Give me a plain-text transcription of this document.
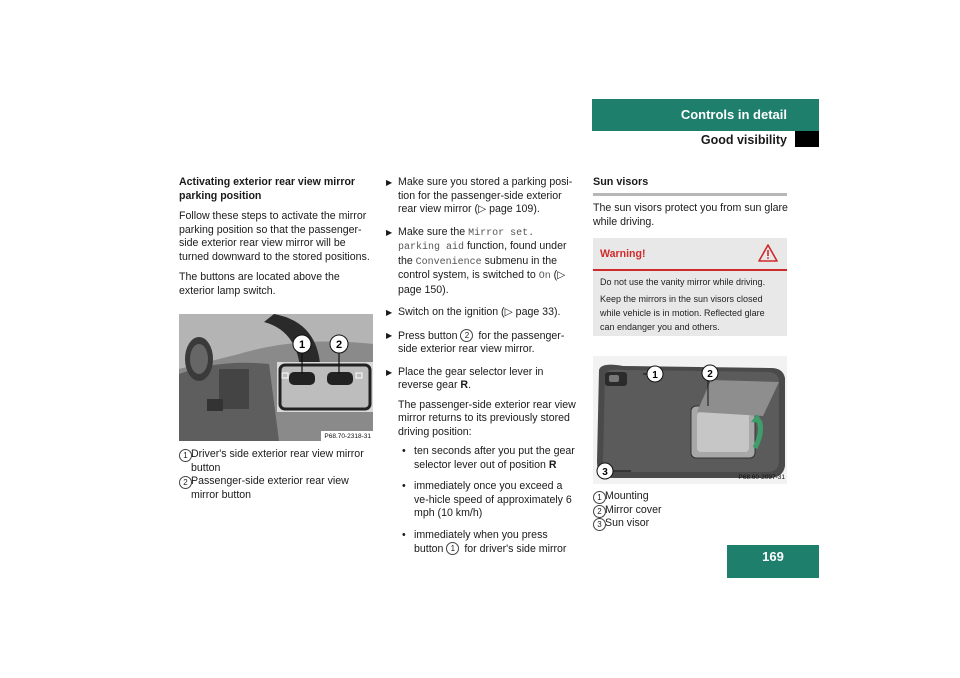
Controls in detail
Good visibility

Activating exterior rear view mirror parking position

Follow these steps to activate the mirror parking position so that the passenger-side exterior rear view mirror will be turned downward to the stored positions.

The buttons are located above the exterior lamp switch.

1	2
P68.70-2318-31
1 Driver's side exterior rear view mirror button
2 Passenger-side exterior rear view mirror button
▶ Make sure you stored a parking posi-tion for the passenger-side exterior rear view mirror (▷ page 109).
▶ Make sure the Mirror set. parking aid function, found under the Convenience submenu in the control system, is switched to On (▷ page 150).
▶ Switch on the ignition (▷ page 33).
▶ Press button 2 for the passenger-side exterior rear view mirror.
▶ Place the gear selector lever in reverse gear R.

The passenger-side exterior rear view mirror returns to its previously stored driving position:

• ten seconds after you put the gear selector lever out of position R
• immediately once you exceed a ve-hicle speed of approximately 6 mph (10 km/h)
• immediately when you press button 1 for driver's side mirror
Sun visors
The sun visors protect you from sun glare while driving.
Warning!

Do not use the vanity mirror while driving.

Keep the mirrors in the sun visors closed while vehicle is in motion. Reflected glare can endanger you and others.

1	2
3	P68.60-2097-31
1 Mounting
2 Mirror cover
3 Sun visor
169
